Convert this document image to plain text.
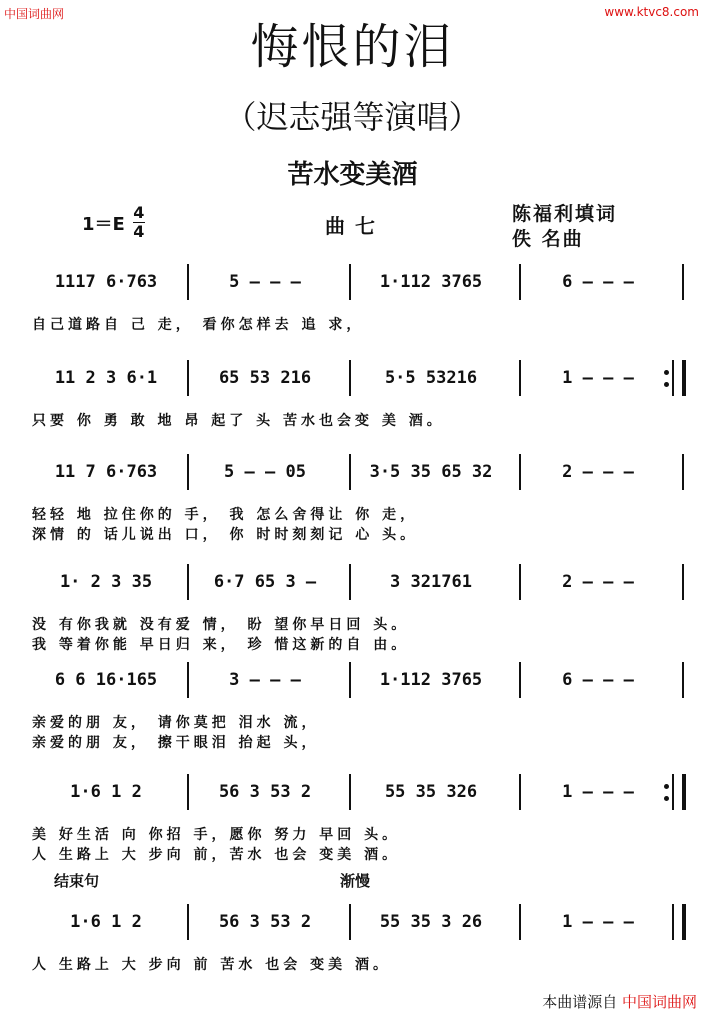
中国词曲网	www.ktvc8.com
悔恨的泪
（迟志强等演唱）
苦水变美酒
$1=E \frac{4}{4}$	曲七	陈福利填词
佚 名曲
1117 6·763	5 — — —	1·112 3765	6 — — —
自己道路自 己 走， 看你怎样去 追 求，
11 2 3 6·1	65 53 216	5·5 53216	1 — — —
只要 你 勇 敢 地 昂 起了 头 苦水也会变 美 酒。
11 7 6·763	5 — — 05	3·5 35 65 32	2 — — —
轻轻 地 拉住你的 手， 我 怎么舍得让 你 走，
深情 的 话儿说出 口， 你 时时刻刻记 心 头。
1· 2 3 35	6·7 65 3 —	3 321761	2 — — —
没 有你我就 没有爱 情， 盼 望你早日回 头。
我 等着你能 早日归 来， 珍 惜这新的自 由。
6 6 16·165	3 — — —	1·112 3765	6 — — —
亲爱的朋 友， 请你莫把 泪水 流，
亲爱的朋 友， 擦干眼泪 抬起 头，
1·6 1 2	56 3 53 2	55 35 326	1 — — —
美 好生活 向 你招 手，愿你 努力 早回 头。
人 生路上 大 步向 前，苦水 也会 变美 酒。
结束句	渐慢
1·6 1 2	56 3 53 2	55 35 3 26	1 — — —
人 生路上 大 步向 前 苦水 也会 变美 酒。
本曲谱源自 中国词曲网
